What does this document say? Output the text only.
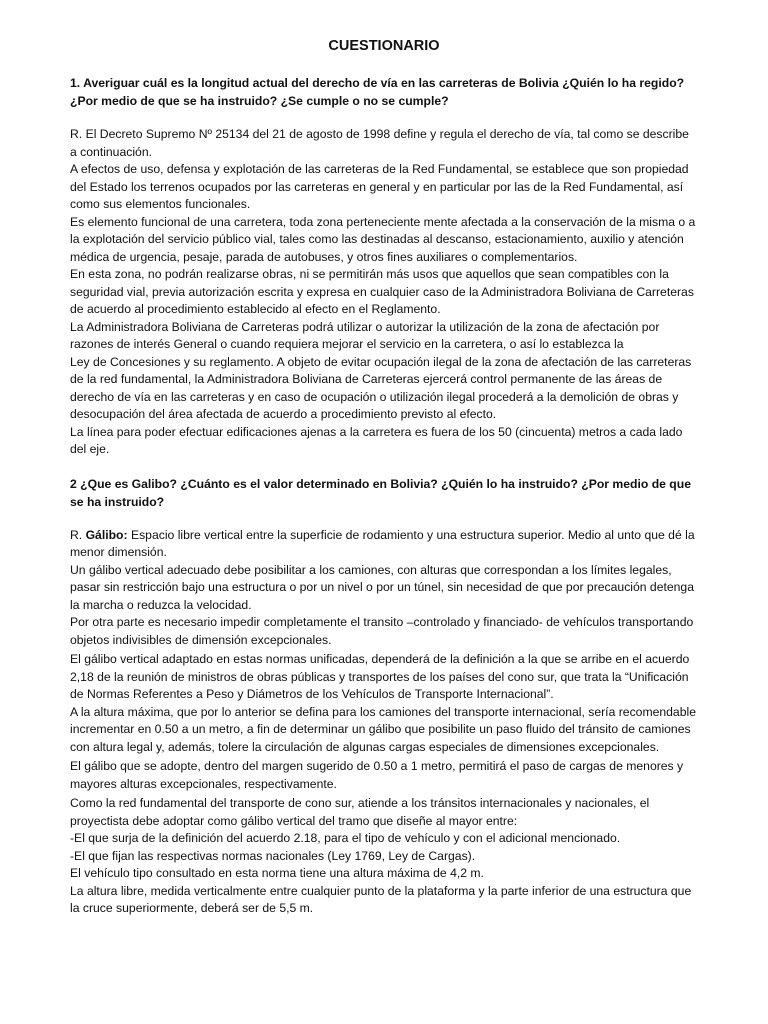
CUESTIONARIO
1. Averiguar cuál es la longitud actual del derecho de vía en las carreteras de Bolivia ¿Quién lo ha regido? ¿Por medio de que se ha instruido? ¿Se cumple o no se cumple?

R. El Decreto Supremo Nº 25134 del 21 de agosto de 1998 define y regula el derecho de vía, tal como se describe a continuación.

A efectos de uso, defensa y explotación de las carreteras de la Red Fundamental, se establece que son propiedad del Estado los terrenos ocupados por las carreteras en general y en particular por las de la Red Fundamental, así como sus elementos funcionales.

Es elemento funcional de una carretera, toda zona perteneciente mente afectada a la conservación de la misma o a la explotación del servicio público vial, tales como las destinadas al descanso, estacionamiento, auxilio y atención médica de urgencia, pesaje, parada de autobuses, y otros fines auxiliares o complementarios.

En esta zona, no podrán realizarse obras, ni se permitirán más usos que aquellos que sean compatibles con la seguridad vial, previa autorización escrita y expresa en cualquier caso de la Administradora Boliviana de Carreteras de acuerdo al procedimiento establecido al efecto en el Reglamento.

La Administradora Boliviana de Carreteras podrá utilizar o autorizar la utilización de la zona de afectación por razones de interés General o cuando requiera mejorar el servicio en la carretera, o así lo establezca la

Ley de Concesiones y su reglamento. A objeto de evitar ocupación ilegal de la zona de afectación de las carreteras de la red fundamental, la Administradora Boliviana de Carreteras ejercerá control permanente de las áreas de derecho de vía en las carreteras y en caso de ocupación o utilización ilegal procederá a la demolición de obras y desocupación del área afectada de acuerdo a procedimiento previsto al efecto.

La línea para poder efectuar edificaciones ajenas a la carretera es fuera de los 50 (cincuenta) metros a cada lado del eje.

2 ¿Que es Galibo? ¿Cuánto es el valor determinado en Bolivia? ¿Quién lo ha instruido? ¿Por medio de que se ha instruido?

R. Gálibo: Espacio libre vertical entre la superficie de rodamiento y una estructura superior. Medio al unto que dé la menor dimensión.

Un gálibo vertical adecuado debe posibilitar a los camiones, con alturas que correspondan a los límites legales, pasar sin restricción bajo una estructura o por un nivel o por un túnel, sin necesidad de que por precaución detenga la marcha o reduzca la velocidad.

Por otra parte es necesario impedir completamente el transito –controlado y financiado- de vehículos transportando objetos indivisibles de dimensión excepcionales.

El gálibo vertical adaptado en estas normas unificadas, dependerá de la definición a la que se arribe en el acuerdo 2,18 de la reunión de ministros de obras públicas y transportes de los países del cono sur, que trata la “Unificación de Normas Referentes a Peso y Diámetros de los Vehículos de Transporte Internacional”.

A la altura máxima, que por lo anterior se defina para los camiones del transporte internacional, sería recomendable incrementar en 0.50 a un metro, a fin de determinar un gálibo que posibilite un paso fluido del tránsito de camiones con altura legal y, además, tolere la circulación de algunas cargas especiales de dimensiones excepcionales.

El gálibo que se adopte, dentro del margen sugerido de 0.50 a 1 metro, permitirá el paso de cargas de menores y mayores alturas excepcionales, respectivamente.

Como la red fundamental del transporte de cono sur, atiende a los tránsitos internacionales y nacionales, el proyectista debe adoptar como gálibo vertical del tramo que diseñe al mayor entre:

-El que surja de la definición del acuerdo 2.18, para el tipo de vehículo y con el adicional mencionado.

-El que fijan las respectivas normas nacionales (Ley 1769, Ley de Cargas).

El vehículo tipo consultado en esta norma tiene una altura máxima de 4,2 m.

La altura libre, medida verticalmente entre cualquier punto de la plataforma y la parte inferior de una estructura que la cruce superiormente, deberá ser de 5,5 m.
